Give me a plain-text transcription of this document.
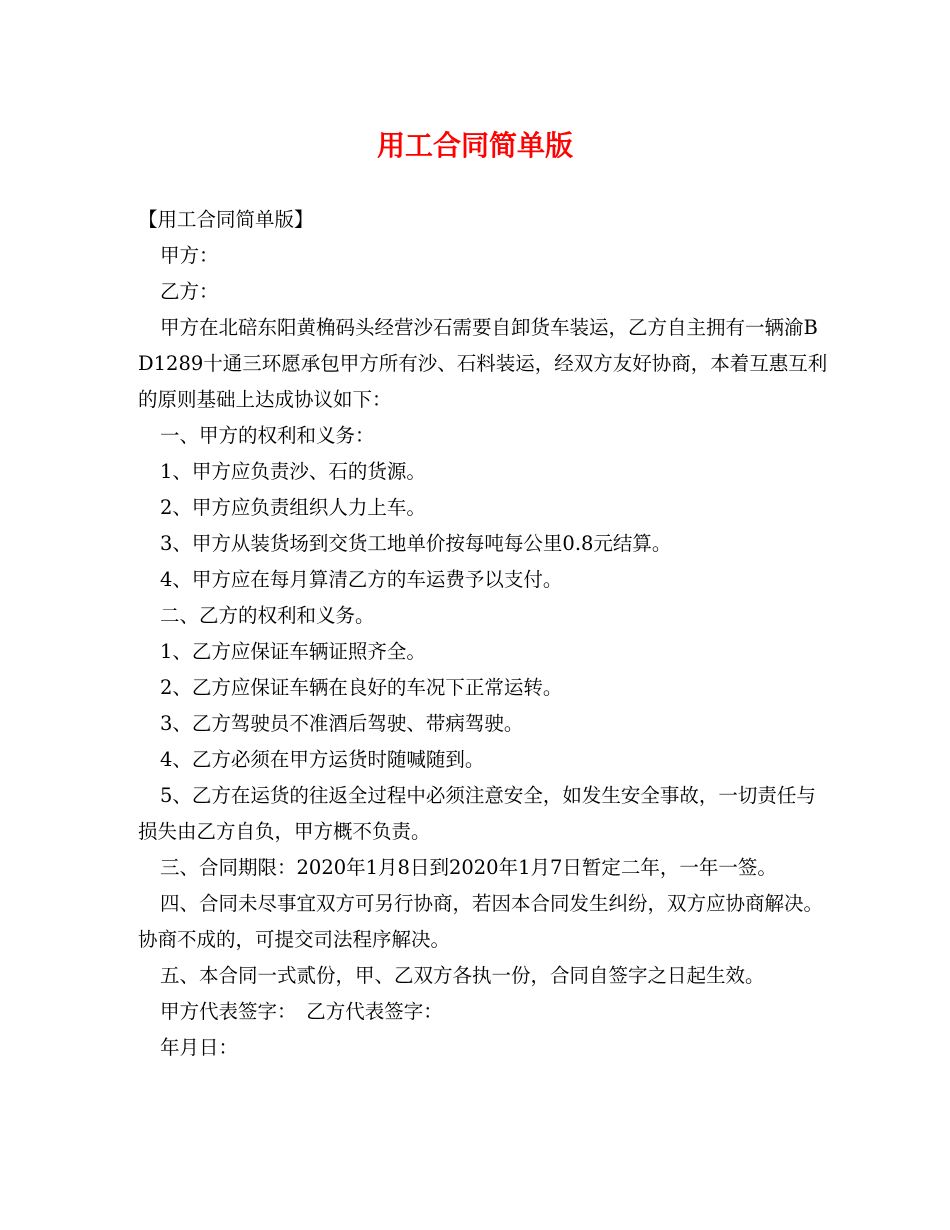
用工合同简单版

【用工合同简单版】

甲方：

乙方：

甲方在北碚东阳黄桷码头经营沙石需要自卸货车装运，乙方自主拥有一辆渝BD1289十通三环愿承包甲方所有沙、石料装运，经双方友好协商，本着互惠互利的原则基础上达成协议如下：

一、甲方的权利和义务：

1、甲方应负责沙、石的货源。

2、甲方应负责组织人力上车。

3、甲方从装货场到交货工地单价按每吨每公里0.8元结算。

4、甲方应在每月算清乙方的车运费予以支付。

二、乙方的权利和义务。

1、乙方应保证车辆证照齐全。

2、乙方应保证车辆在良好的车况下正常运转。

3、乙方驾驶员不准酒后驾驶、带病驾驶。

4、乙方必须在甲方运货时随喊随到。

5、乙方在运货的往返全过程中必须注意安全，如发生安全事故，一切责任与损失由乙方自负，甲方概不负责。

三、合同期限：2020年1月8日到2020年1月7日暂定二年，一年一签。

四、合同未尽事宜双方可另行协商，若因本合同发生纠纷，双方应协商解决。协商不成的，可提交司法程序解决。

五、本合同一式贰份，甲、乙双方各执一份，合同自签字之日起生效。

甲方代表签字：　乙方代表签字：

年月日：
